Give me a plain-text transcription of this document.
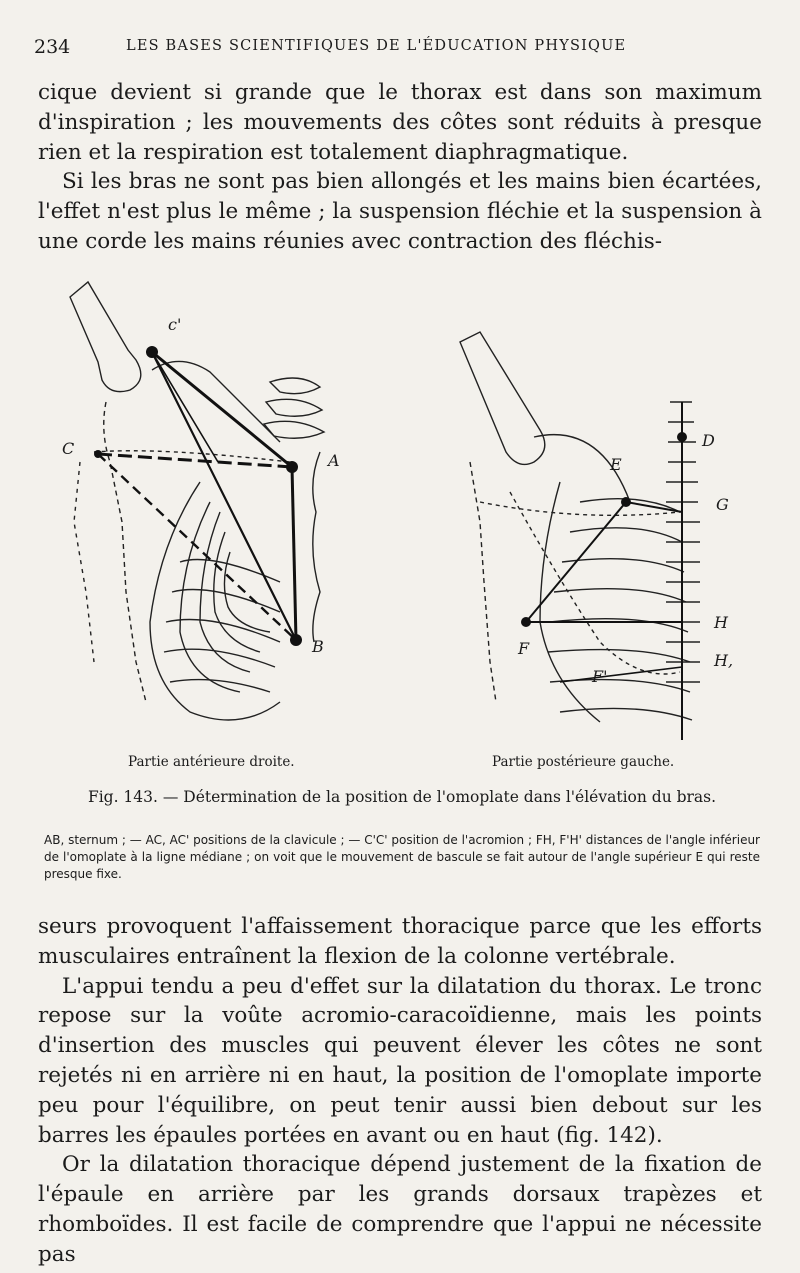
234	LES BASES SCIENTIFIQUES DE L'ÉDUCATION PHYSIQUE

cique devient si grande que le thorax est dans son maximum d'inspiration ; les mouvements des côtes sont réduits à presque rien et la respiration est totalement diaphragmatique.

Si les bras ne sont pas bien allongés et les mains bien écartées, l'effet n'est plus le même ; la suspension fléchie et la suspension à une corde les mains réunies avec contraction des fléchis-

c'
C
A
B
D
E
G
F
H
H,
F'
Partie antérieure droite.	Partie postérieure gauche.
Fig. 143. — Détermination de la position de l'omoplate dans l'élévation du bras.
AB, sternum ; — AC, AC' positions de la clavicule ; — C'C' position de l'acromion ; FH, F'H' distances de l'angle inférieur de l'omoplate à la ligne médiane ; on voit que le mouvement de bascule se fait autour de l'angle supérieur E qui reste presque fixe.

seurs provoquent l'affaissement thoracique parce que les efforts musculaires entraînent la flexion de la colonne vertébrale.

L'appui tendu a peu d'effet sur la dilatation du thorax. Le tronc repose sur la voûte acromio-caracoïdienne, mais les points d'insertion des muscles qui peuvent élever les côtes ne sont rejetés ni en arrière ni en haut, la position de l'omoplate importe peu pour l'équilibre, on peut tenir aussi bien debout sur les barres les épaules portées en avant ou en haut (fig. 142).

Or la dilatation thoracique dépend justement de la fixation de l'épaule en arrière par les grands dorsaux trapèzes et rhomboïdes. Il est facile de comprendre que l'appui ne nécessite pas
